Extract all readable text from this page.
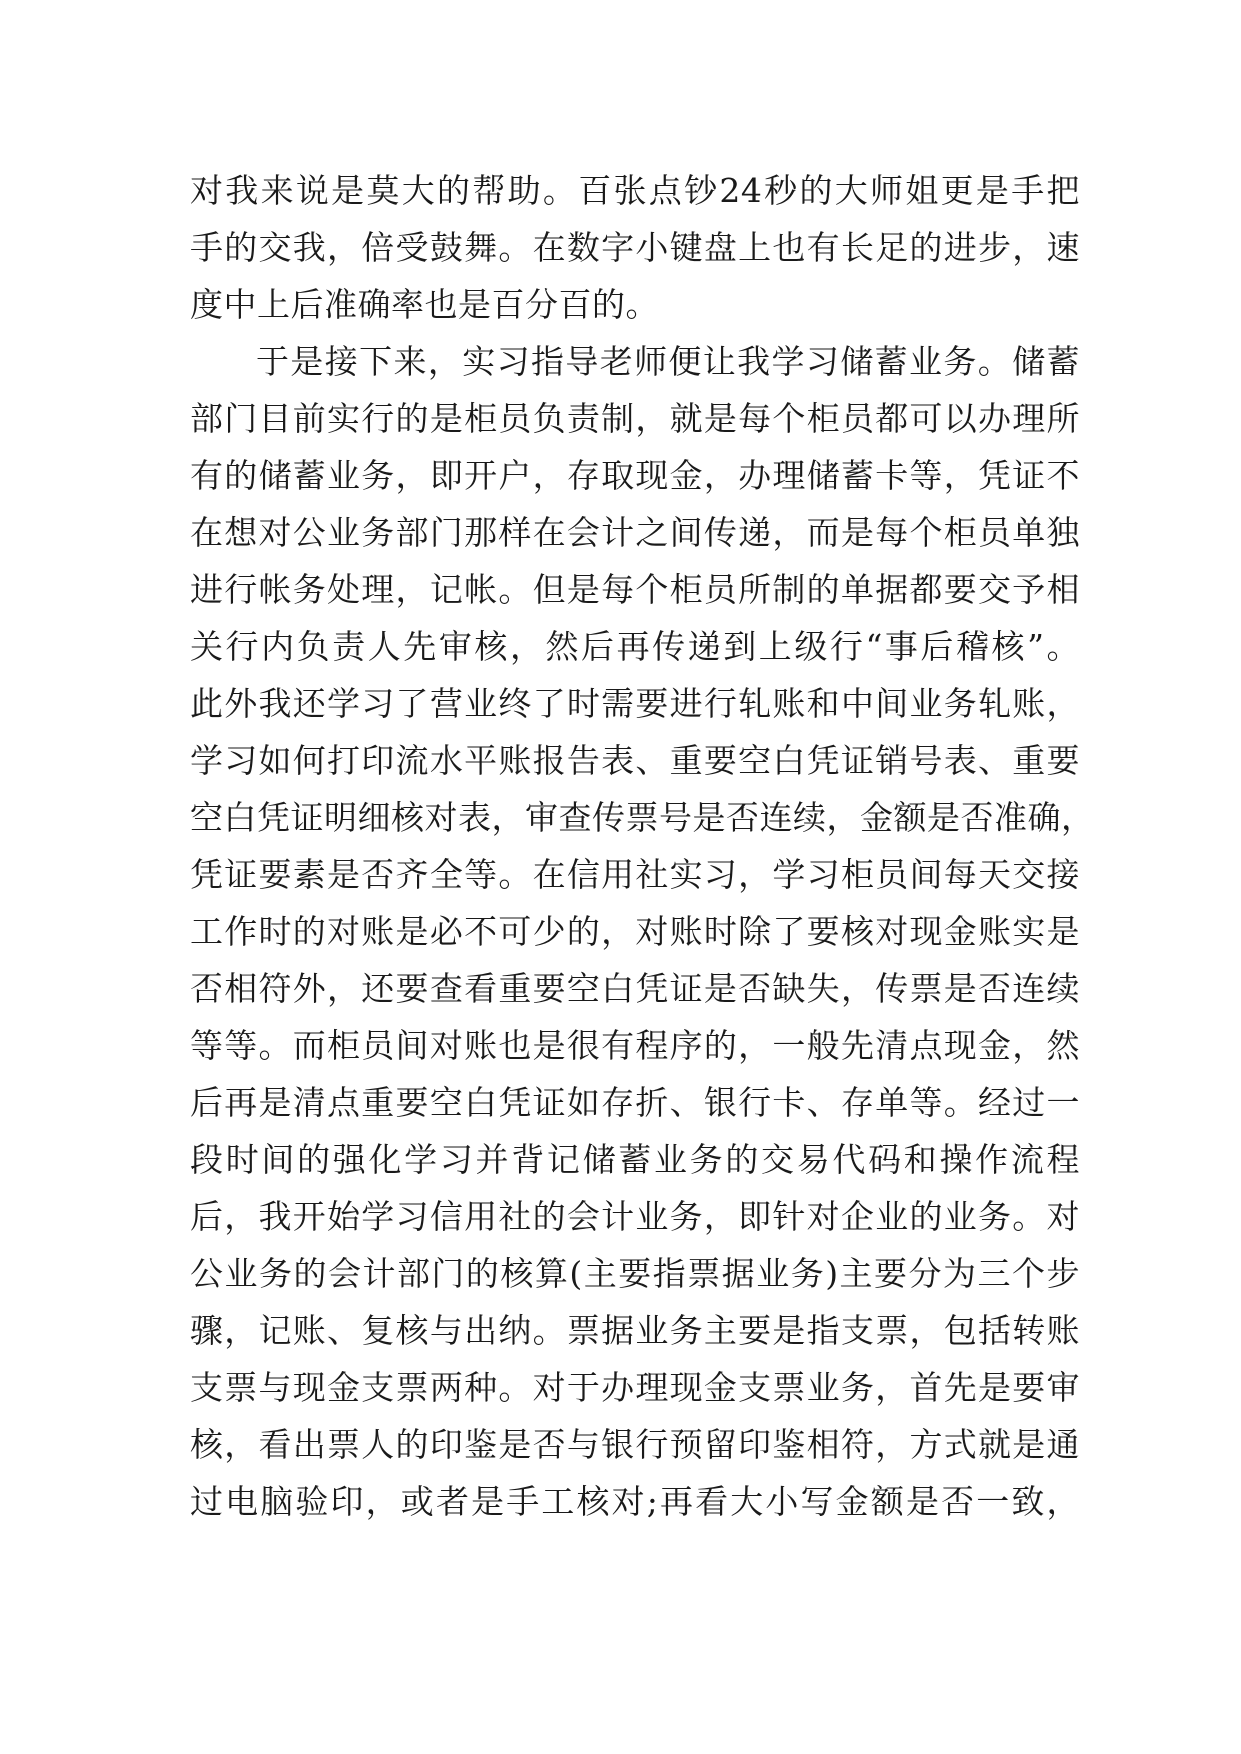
对我来说是莫大的帮助。百张点钞24秒的大师姐更是手把
手的交我，倍受鼓舞。在数字小键盘上也有长足的进步，速
度中上后准确率也是百分百的。
于是接下来，实习指导老师便让我学习储蓄业务。储蓄
部门目前实行的是柜员负责制，就是每个柜员都可以办理所
有的储蓄业务，即开户，存取现金，办理储蓄卡等，凭证不
在想对公业务部门那样在会计之间传递，而是每个柜员单独
进行帐务处理，记帐。但是每个柜员所制的单据都要交予相
关行内负责人先审核，然后再传递到上级行“事后稽核”。
此外我还学习了营业终了时需要进行轧账和中间业务轧账，
学习如何打印流水平账报告表、重要空白凭证销号表、重要
空白凭证明细核对表，审查传票号是否连续，金额是否准确，
凭证要素是否齐全等。在信用社实习，学习柜员间每天交接
工作时的对账是必不可少的，对账时除了要核对现金账实是
否相符外，还要查看重要空白凭证是否缺失，传票是否连续
等等。而柜员间对账也是很有程序的，一般先清点现金，然
后再是清点重要空白凭证如存折、银行卡、存单等。经过一
段时间的强化学习并背记储蓄业务的交易代码和操作流程
后，我开始学习信用社的会计业务，即针对企业的业务。对
公业务的会计部门的核算(主要指票据业务)主要分为三个步
骤，记账、复核与出纳。票据业务主要是指支票，包括转账
支票与现金支票两种。对于办理现金支票业务，首先是要审
核，看出票人的印鉴是否与银行预留印鉴相符，方式就是通
过电脑验印，或者是手工核对;再看大小写金额是否一致，
